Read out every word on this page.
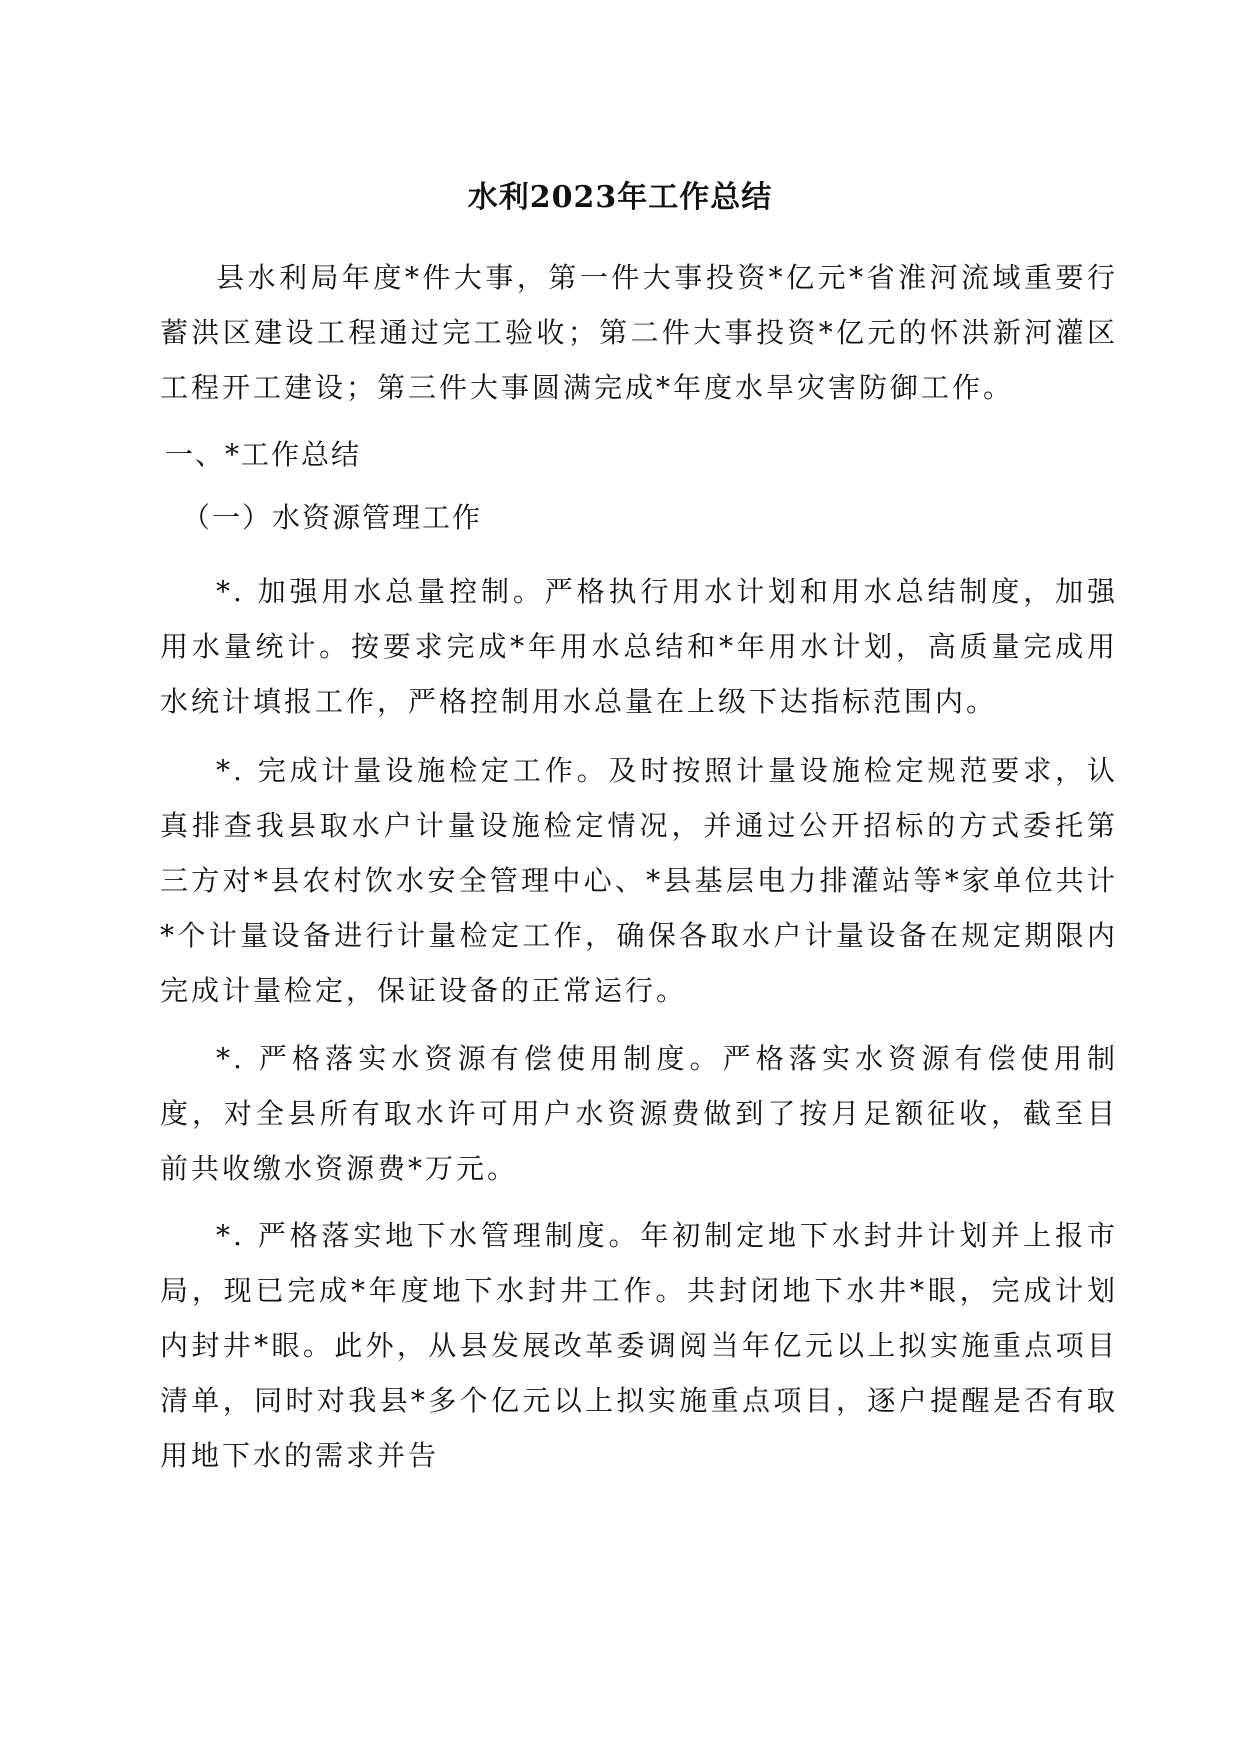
水利2023年工作总结

县水利局年度*件大事，第一件大事投资*亿元*省淮河流域重要行蓄洪区建设工程通过完工验收；第二件大事投资*亿元的怀洪新河灌区工程开工建设；第三件大事圆满完成*年度水旱灾害防御工作。

一、*工作总结

（一）水资源管理工作

*. 加强用水总量控制。严格执行用水计划和用水总结制度，加强用水量统计。按要求完成*年用水总结和*年用水计划，高质量完成用水统计填报工作，严格控制用水总量在上级下达指标范围内。

*. 完成计量设施检定工作。及时按照计量设施检定规范要求，认真排查我县取水户计量设施检定情况，并通过公开招标的方式委托第三方对*县农村饮水安全管理中心、*县基层电力排灌站等*家单位共计*个计量设备进行计量检定工作，确保各取水户计量设备在规定期限内完成计量检定，保证设备的正常运行。

*. 严格落实水资源有偿使用制度。严格落实水资源有偿使用制度，对全县所有取水许可用户水资源费做到了按月足额征收，截至目前共收缴水资源费*万元。

*. 严格落实地下水管理制度。年初制定地下水封井计划并上报市局，现已完成*年度地下水封井工作。共封闭地下水井*眼，完成计划内封井*眼。此外，从县发展改革委调阅当年亿元以上拟实施重点项目清单，同时对我县*多个亿元以上拟实施重点项目，逐户提醒是否有取用地下水的需求并告
